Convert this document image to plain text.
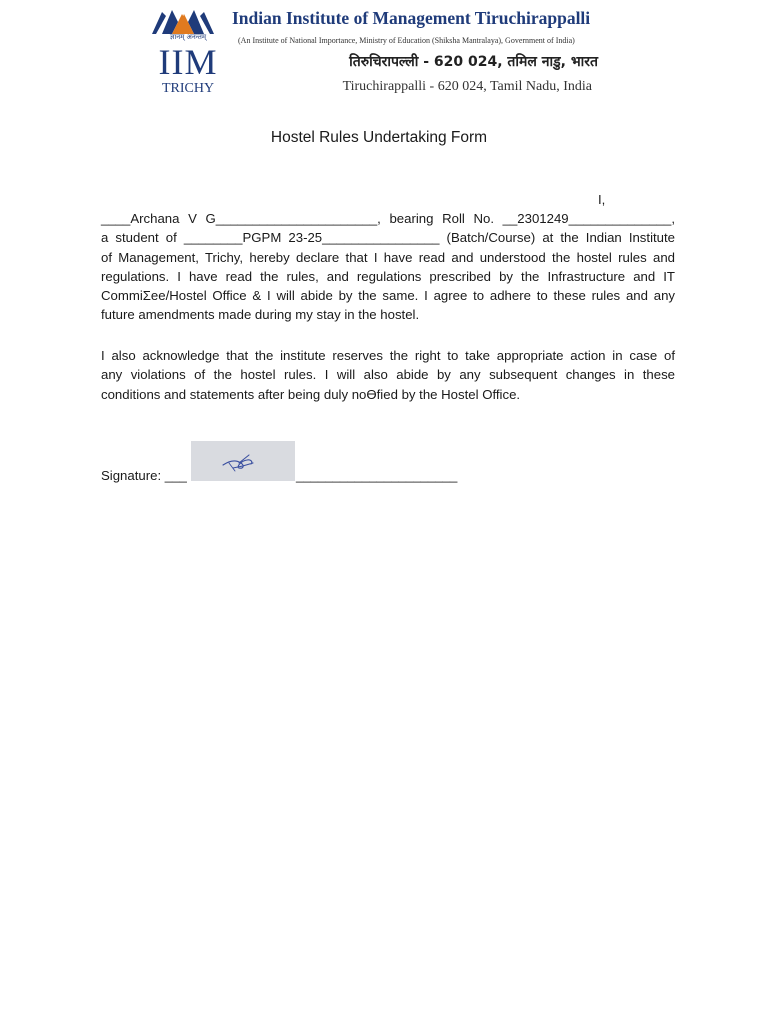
ज्ञानम् अनन्तम्
IIM
TRICHY
Indian Institute of Management Tiruchirappalli
(An Institute of National Importance, Ministry of Education (Shiksha Mantralaya), Government of India)
तिरुचिरापल्ली - 620 024, तमिल नाडु, भारत
Tiruchirappalli - 620 024, Tamil Nadu, India
Hostel Rules Undertaking Form
I,
____Archana V G______________________, bearing Roll No. __2301249______________,
a student of ________PGPM 23-25________________ (Batch/Course) at the Indian Institute
of Management, Trichy, hereby declare that I have read and understood the hostel rules and
regulations. I have read the rules, and regulations prescribed by the Infrastructure and IT
CommiΣee/Hostel Office & I will abide by the same. I agree to adhere to these rules and any
future amendments made during my stay in the hostel.
I also acknowledge that the institute reserves the right to take appropriate action in case of
any violations of the hostel rules. I will also abide by any subsequent changes in these
conditions and statements after being duly noϴfied by the Hostel Office.
Signature: ___	______________________
